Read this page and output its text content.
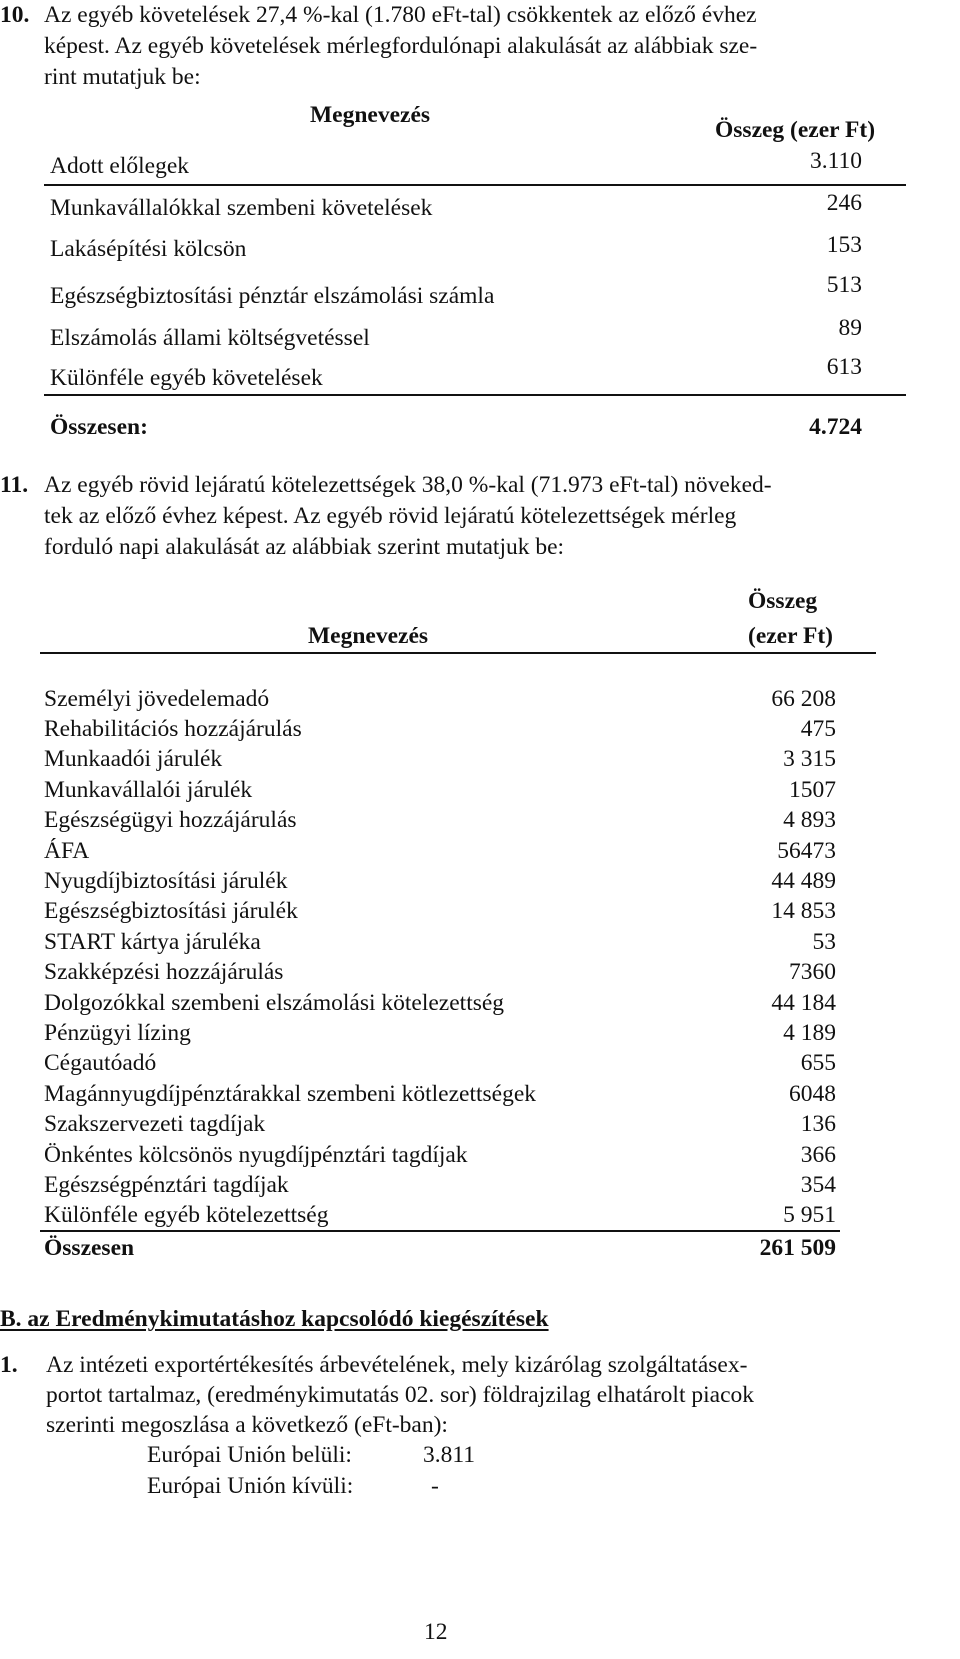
10. Az egyéb követelések 27,4 %-kal (1.780 eFt-tal) csökkentek az előző évhez
képest. Az egyéb követelések mérlegfordulónapi alakulását az alábbiak sze-
rint mutatjuk be:
Megnevezés
Összeg (ezer Ft)
Adott előlegek	3.110
Munkavállalókkal szembeni követelések	246
Lakásépítési kölcsön	153
Egészségbiztosítási pénztár elszámolási számla	513
Elszámolás állami költségvetéssel	89
Különféle egyéb követelések	613
Összesen:	4.724
11. Az egyéb rövid lejáratú kötelezettségek 38,0 %-kal (71.973 eFt-tal) növeked-
tek az előző évhez képest. Az egyéb rövid lejáratú kötelezettségek mérleg
forduló napi alakulását az alábbiak szerint mutatjuk be:
Összeg
Megnevezés	(ezer Ft)
Személyi jövedelemadó	66 208
Rehabilitációs hozzájárulás	475
Munkaadói járulék	3 315
Munkavállalói járulék	1507
Egészségügyi hozzájárulás	4 893
ÁFA	56473
Nyugdíjbiztosítási járulék	44 489
Egészségbiztosítási járulék	14 853
START kártya járuléka	53
Szakképzési hozzájárulás	7360
Dolgozókkal szembeni elszámolási kötelezettség	44 184
Pénzügyi lízing	4 189
Cégautóadó	655
Magánnyugdíjpénztárakkal szembeni kötlezettségek	6048
Szakszervezeti tagdíjak	136
Önkéntes kölcsönös nyugdíjpénztári tagdíjak	366
Egészségpénztári tagdíjak	354
Különféle egyéb kötelezettség	5 951
Összesen	261 509
B. az Eredménykimutatáshoz kapcsolódó kiegészítések
1. Az intézeti exportértékesítés árbevételének, mely kizárólag szolgáltatásex-
portot tartalmaz, (eredménykimutatás 02. sor) földrajzilag elhatárolt piacok
szerinti megoszlása a következő (eFt-ban):
Európai Unión belüli:	3.811
Európai Unión kívüli:	-
12
